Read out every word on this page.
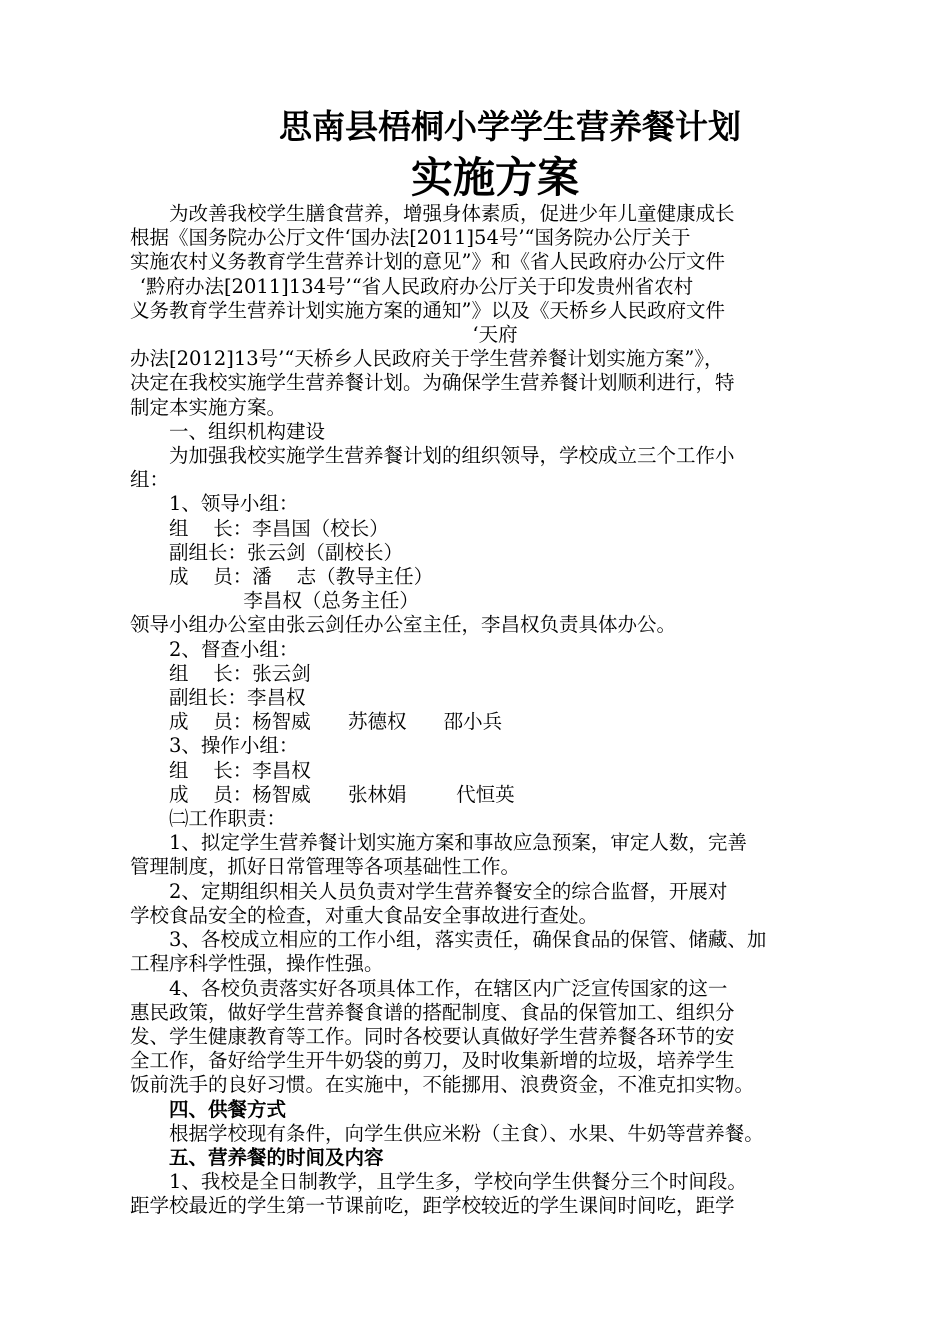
思南县梧桐小学学生营养餐计划
实施方案
为改善我校学生膳食营养，增强身体素质，促进少年儿童健康成长
根据《国务院办公厅文件‘国办法[2011]54号’“国务院办公厅关于
实施农村义务教育学生营养计划的意见”》和《省人民政府办公厅文件
‘黔府办法[2011]134号’“省人民政府办公厅关于印发贵州省农村
义务教育学生营养计划实施方案的通知”》以及《天桥乡人民政府文件
‘天府
办法[2012]13号’“天桥乡人民政府关于学生营养餐计划实施方案”》，
决定在我校实施学生营养餐计划。为确保学生营养餐计划顺利进行，特
制定本实施方案。
一、组织机构建设
为加强我校实施学生营养餐计划的组织领导，学校成立三个工作小
组：
1、领导小组：
组    长：李昌国（校长）
副组长：张云剑（副校长）
成    员：潘    志（教导主任）
李昌权（总务主任）
领导小组办公室由张云剑任办公室主任，李昌权负责具体办公。
2、督查小组：
组    长：张云剑
副组长：李昌权
成    员：杨智威      苏德权      邵小兵
3、操作小组：
组    长：李昌权
成    员：杨智威      张林娟        代恒英
㈡工作职责：
1、拟定学生营养餐计划实施方案和事故应急预案，审定人数，完善
管理制度，抓好日常管理等各项基础性工作。
2、定期组织相关人员负责对学生营养餐安全的综合监督，开展对
学校食品安全的检查，对重大食品安全事故进行查处。
3、各校成立相应的工作小组，落实责任，确保食品的保管、储藏、加
工程序科学性强，操作性强。
4、各校负责落实好各项具体工作，在辖区内广泛宣传国家的这一
惠民政策，做好学生营养餐食谱的搭配制度、食品的保管加工、组织分
发、学生健康教育等工作。同时各校要认真做好学生营养餐各环节的安
全工作，备好给学生开牛奶袋的剪刀，及时收集新增的垃圾，培养学生
饭前洗手的良好习惯。在实施中，不能挪用、浪费资金，不准克扣实物。
四、供餐方式
根据学校现有条件，向学生供应米粉（主食）、水果、牛奶等营养餐。
五、营养餐的时间及内容
1、我校是全日制教学，且学生多，学校向学生供餐分三个时间段。
距学校最近的学生第一节课前吃，距学校较近的学生课间时间吃，距学
